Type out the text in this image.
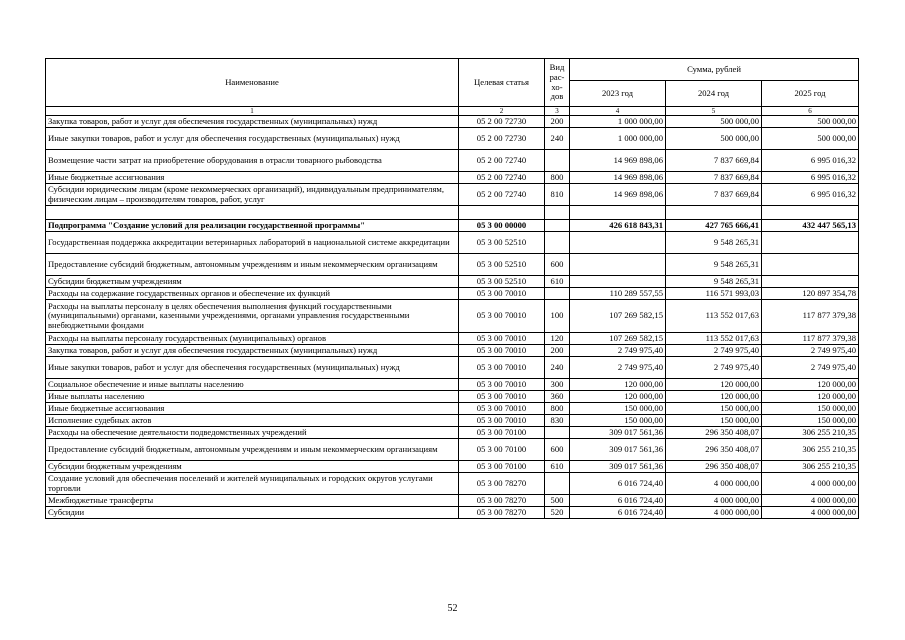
Наименование	Целевая статья	Вид рас-хо-дов	Сумма, рублей		
			2023 год	2024 год	2025 год
1	2	3	4	5	6
Закупка товаров, работ и услуг для обеспечения государственных (муниципальных) нужд	05 2 00 72730	200	1 000 000,00	500 000,00	500 000,00
Иные закупки товаров, работ и услуг для обеспечения государственных (муниципальных) нужд	05 2 00 72730	240	1 000 000,00	500 000,00	500 000,00
Возмещение части затрат на приобретение оборудования в отрасли товарного рыбоводства	05 2 00 72740		14 969 898,06	7 837 669,84	6 995 016,32
Иные бюджетные ассигнования	05 2 00 72740	800	14 969 898,06	7 837 669,84	6 995 016,32
Субсидии юридическим лицам (кроме некоммерческих организаций), индивидуальным предпринимателям, физическим лицам – производителям товаров, работ, услуг	05 2 00 72740	810	14 969 898,06	7 837 669,84	6 995 016,32

Подпрограмма "Создание условий для реализации государственной программы"	05 3 00 00000		426 618 843,31	427 765 666,41	432 447 565,13
Государственная поддержка аккредитации ветеринарных лабораторий в национальной системе аккредитации	05 3 00 52510			9 548 265,31	
Предоставление субсидий бюджетным, автономным учреждениям и иным некоммерческим организациям	05 3 00 52510	600		9 548 265,31	
Субсидии бюджетным учреждениям	05 3 00 52510	610		9 548 265,31	
Расходы на содержание государственных органов и обеспечение их функций	05 3 00 70010		110 289 557,55	116 571 993,03	120 897 354,78
Расходы на выплаты персоналу в целях обеспечения выполнения функций государственными (муниципальными) органами, казенными учреждениями, органами управления государственными внебюджетными фондами	05 3 00 70010	100	107 269 582,15	113 552 017,63	117 877 379,38
Расходы на выплаты персоналу государственных (муниципальных) органов	05 3 00 70010	120	107 269 582,15	113 552 017,63	117 877 379,38
Закупка товаров, работ и услуг для обеспечения государственных (муниципальных) нужд	05 3 00 70010	200	2 749 975,40	2 749 975,40	2 749 975,40
Иные закупки товаров, работ и услуг для обеспечения государственных (муниципальных) нужд	05 3 00 70010	240	2 749 975,40	2 749 975,40	2 749 975,40
Социальное обеспечение и иные выплаты населению	05 3 00 70010	300	120 000,00	120 000,00	120 000,00
Иные выплаты населению	05 3 00 70010	360	120 000,00	120 000,00	120 000,00
Иные бюджетные ассигнования	05 3 00 70010	800	150 000,00	150 000,00	150 000,00
Исполнение судебных актов	05 3 00 70010	830	150 000,00	150 000,00	150 000,00
Расходы на обеспечение деятельности подведомственных учреждений	05 3 00 70100		309 017 561,36	296 350 408,07	306 255 210,35
Предоставление субсидий бюджетным, автономным учреждениям и иным некоммерческим организациям	05 3 00 70100	600	309 017 561,36	296 350 408,07	306 255 210,35
Субсидии бюджетным учреждениям	05 3 00 70100	610	309 017 561,36	296 350 408,07	306 255 210,35
Создание условий для обеспечения поселений и жителей муниципальных и городских округов услугами торговли	05 3 00 78270		6 016 724,40	4 000 000,00	4 000 000,00
Межбюджетные трансферты	05 3 00 78270	500	6 016 724,40	4 000 000,00	4 000 000,00
Субсидии	05 3 00 78270	520	6 016 724,40	4 000 000,00	4 000 000,00
52
